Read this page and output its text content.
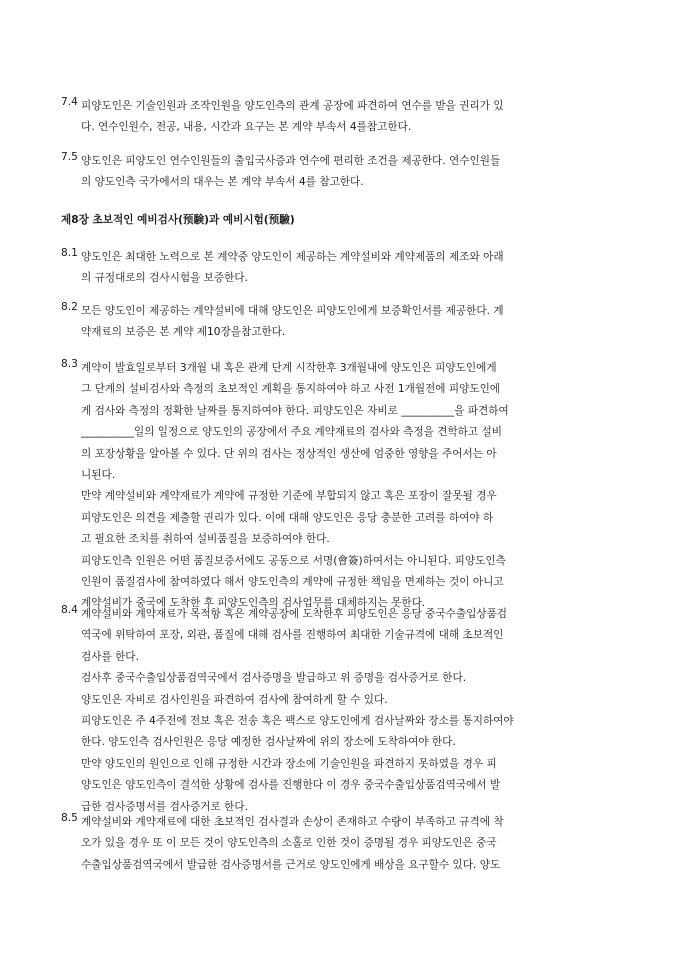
7.4 피양도인은 기술인원과 조작인원을 양도인측의 관계 공장에 파견하여 연수를 받을 권리가 있
다. 연수인원수, 전공, 내용, 시간과 요구는 본 계약 부속서 4를참고한다.
7.5 양도인은 피양도인 연수인원들의 출입국사증과 연수에 편리한 조건을 제공한다. 연수인원들
의 양도인측 국가에서의 대우는 본 계약 부속서 4를 참고한다.
제8장 초보적인 예비검사(预験)과 예비시험(预驗)
8.1 양도인은 최대한 노력으로 본 계약중 양도인이 제공하는 계약설비와 계약제품의 제조와 아래
의 규정대로의 검사시험을 보증한다.
8.2 모든 양도인이 제공하는 계약설비에 대해 양도인은 피양도인에게 보증확인서를 제공한다. 계
약재료의 보증은 본 계약 제10장을참고한다.
8.3 계약이 발효일로부터 3개월 내 혹은 관계 단계 시작한후 3개월내에 양도인은 피양도인에게
그 단계의 설비검사와 측정의 초보적인 계획을 통지하여야 하고 사전 1개월전에 피양도인에
게 검사와 측정의 정확한 날짜를 통지하여야 한다. 피양도인은 자비로 __________을 파견하여
__________일의 일정으로 양도인의 공장에서 주요 계약재료의 검사와 측정을 견학하고 설비
의 포장상황을 알아볼 수 있다. 단 위의 검사는 정상적인 생산에 엄중한 영향을 주어서는 아
니된다.
만약 계약설비와 계약재료가 계약에 규정한 기준에 부합되지 않고 혹은 포장이 잘못될 경우
피양도인은 의견을 제출할 권리가 있다. 이에 대해 양도인은 응당 충분한 고려를 하여야 하
고 필요한 조치를 취하여 설비품질을 보증하여야 한다.
피양도인측 인원은 어떤 품질보증서에도 공동으로 서명(會簽)하여서는 아니된다. 피양도인측
인원이 품질검사에 참여하였다 해서 양도인측의 계약에 규정한 책임을 면제하는 것이 아니고
계약설비가 중국에 도착한 후 피양도인측의 검사업무를 대체하지는 못한다.
8.4 계약설비와 계약재료가 목적항 혹은 계약공장에 도착한후 피양도인은 응당 중국수출입상품검
역국에 위탁하여 포장, 외관, 품질에 대해 검사를 진행하여 최대한 기술규격에 대해 초보적인
검사를 한다.
검사후 중국수출입상품검역국에서 검사증명을 발급하고 위 증명을 검사증거로 한다.
양도인은 자비로 검사인원을 파견하여 검사에 참여하게 할 수 있다.
피양도인은 주 4주전에 전보 혹은 전송 혹은 팩스로 양도인에게 검사날짜와 장소를 통지하여야
한다. 양도인측 검사인원은 응당 예정한 검사날짜에 위의 장소에 도착하여야 한다.
만약 양도인의 원인으로 인해 규정한 시간과 장소에 기술인원을 파견하지 못하였을 경우 피
양도인은 양도인측이 결석한 상황에 검사를 진행한다 이 경우 중국수출입상품검역국에서 발
급한 검사증명서를 검사증거로 한다.
8.5 계약설비와 계약재료에 대한 초보적인 검사결과 손상이 존재하고 수량이 부족하고 규격에 착
오가 있을 경우 또 이 모든 것이 양도인측의 소홀로 인한 것이 증명될 경우 피양도인은 중국
수출입상품검역국에서 발급한 검사증명서를 근거로 양도인에게 배상을 요구할수 있다. 양도
